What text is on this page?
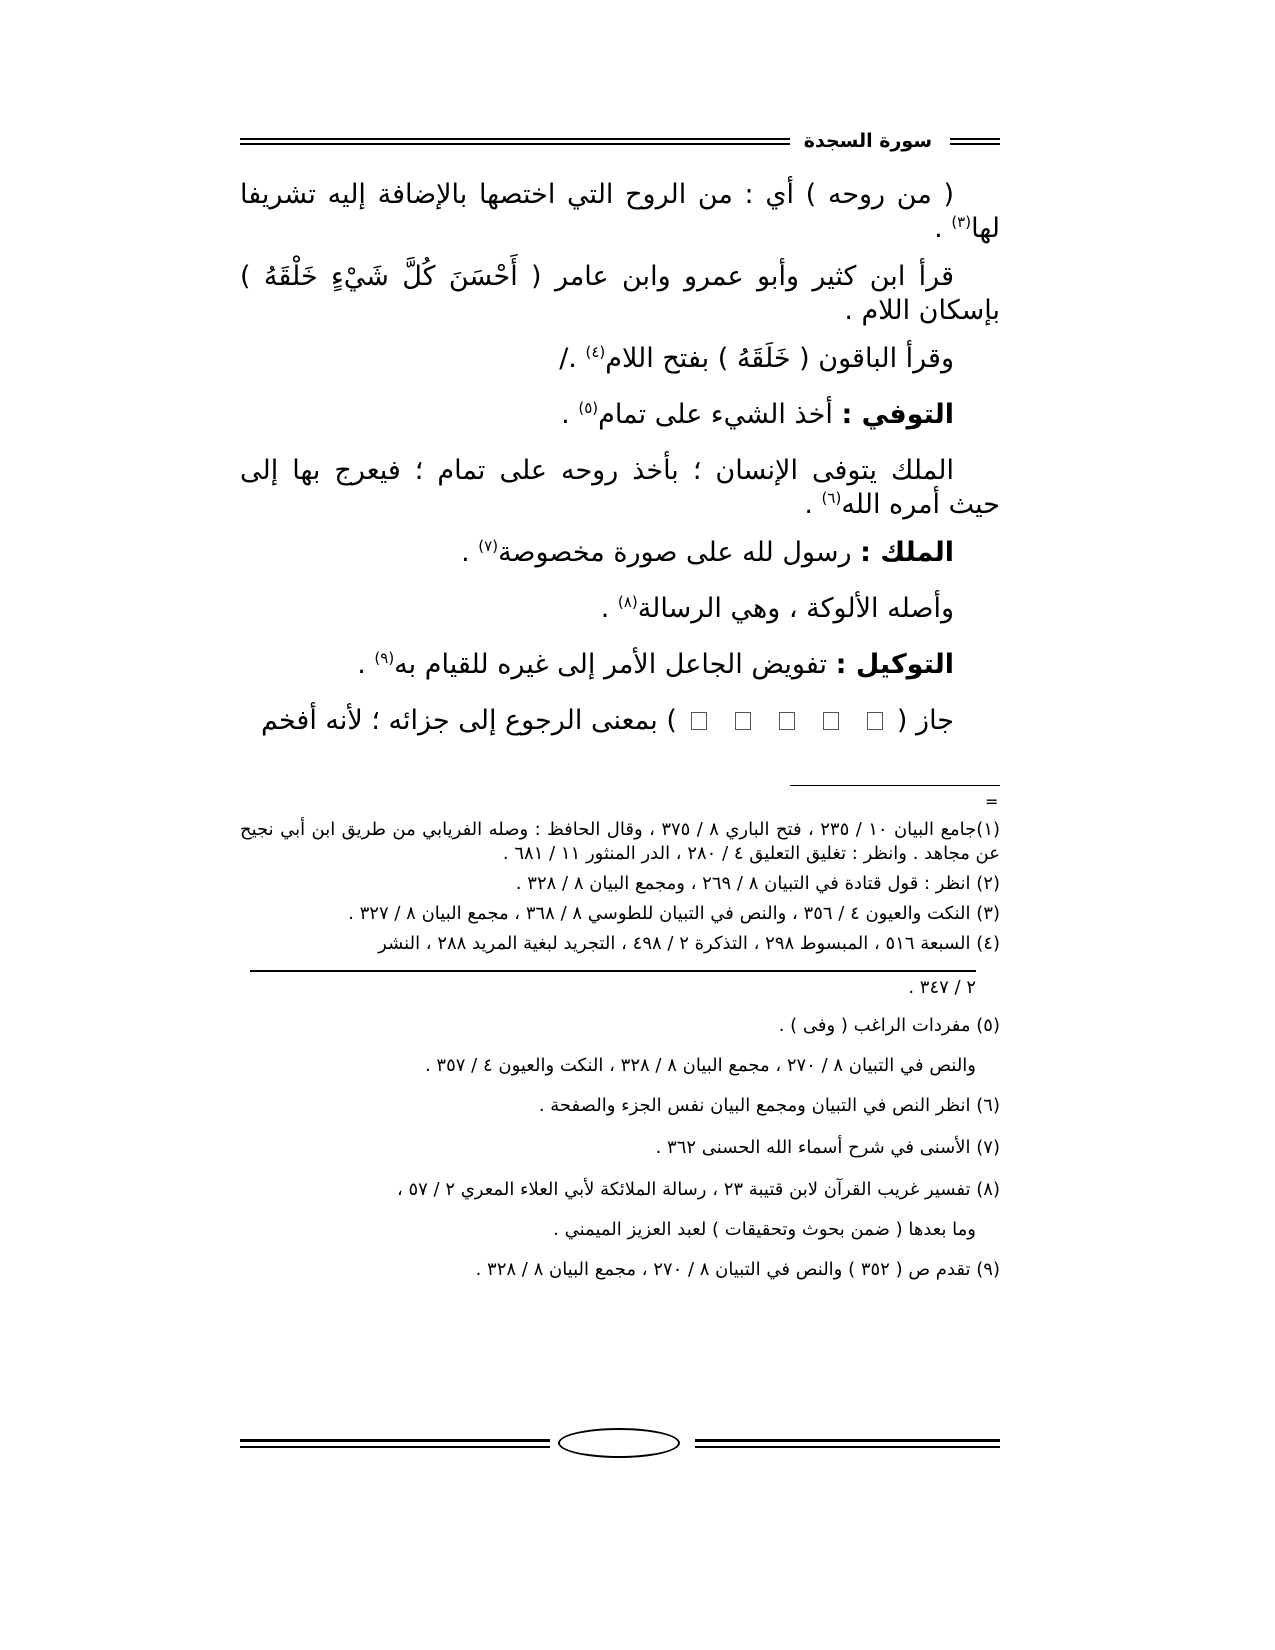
سورة السجدة

( من روحه ) أي : من الروح التي اختصها بالإضافة إليه تشريفا لها$^{(٣)}$ .

قرأ ابن كثير وأبو عمرو وابن عامر ( أَحْسَنَ كُلَّ شَيْءٍ خَلْقَهُ ) بإسكان اللام .

وقرأ الباقون ( خَلَقَهُ ) بفتح اللام$^{(٤)}$ ./

التوفي : أخذ الشيء على تمام$^{(٥)}$ .

الملك يتوفى الإنسان ؛ بأخذ روحه على تمام ؛ فيعرج بها إلى حيث أمره الله$^{(٦)}$ .

الملك : رسول لله على صورة مخصوصة$^{(٧)}$ .

وأصله الألوكة ، وهي الرسالة$^{(٨)}$ .

التوكيل : تفويض الجاعل الأمر إلى غيره للقيام به$^{(٩)}$ .

جاز () بمعنى الرجوع إلى جزائه ؛ لأنه أفخم

=

(١)جامع البيان ١٠ / ٢٣٥ ، فتح الباري ٨ / ٣٧٥ ، وقال الحافظ : وصله الفريابي من طريق ابن أبي نجيح عن مجاهد . وانظر : تغليق التعليق ٤ / ٢٨٠ ، الدر المنثور ١١ / ٦٨١ .

(٢) انظر : قول قتادة في التبيان ٨ / ٢٦٩ ، ومجمع البيان ٨ / ٣٢٨ .

(٣) النكت والعيون ٤ / ٣٥٦ ، والنص في التبيان للطوسي ٨ / ٣٦٨ ، مجمع البيان ٨ / ٣٢٧ .

(٤) السبعة ٥١٦ ، المبسوط ٢٩٨ ، التذكرة ٢ / ٤٩٨ ، التجريد لبغية المريد ٢٨٨ ، النشر
٢ / ٣٤٧ .

(٥) مفردات الراغب ( وفى ) .
والنص في التبيان ٨ / ٢٧٠ ، مجمع البيان ٨ / ٣٢٨ ، النكت والعيون ٤ / ٣٥٧ .

(٦) انظر النص في التبيان ومجمع البيان نفس الجزء والصفحة .

(٧) الأسنى في شرح أسماء الله الحسنى ٣٦٢ .

(٨) تفسير غريب القرآن لابن قتيبة ٢٣ ، رسالة الملائكة لأبي العلاء المعري ٢ / ٥٧ ،
وما بعدها ( ضمن بحوث وتحقيقات ) لعبد العزيز الميمني .

(٩) تقدم ص ( ٣٥٢ ) والنص في التبيان ٨ / ٢٧٠ ، مجمع البيان ٨ / ٣٢٨ .
